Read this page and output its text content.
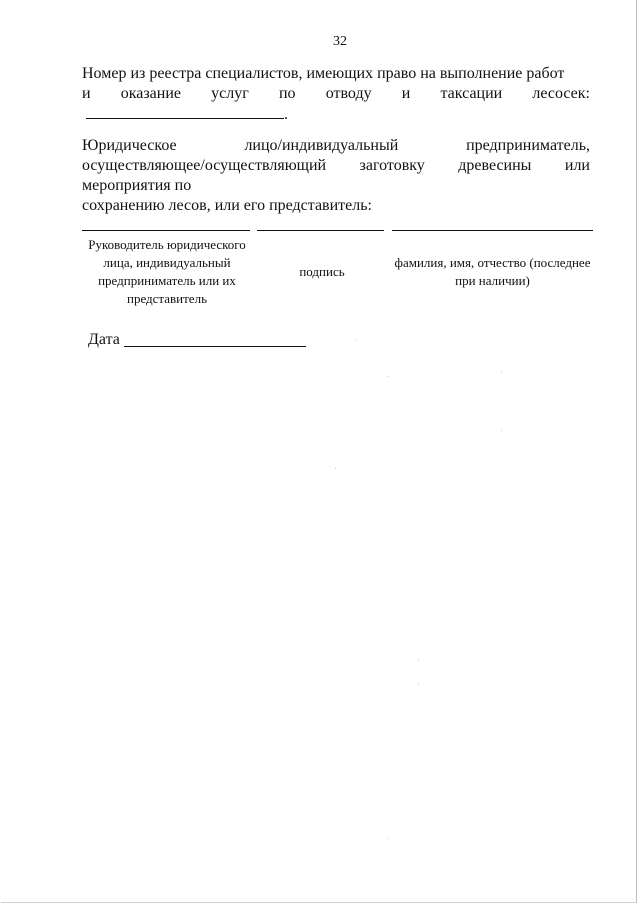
32
Номер из реестра специалистов, имеющих право на выполнение работ
и оказание услуг по отводу и таксации лесосек:.
Юридическое	лицо/индивидуальный	предприниматель,
осуществляющее/осуществляющий заготовку древесины или мероприятия по
сохранению лесов, или его представитель:
Руководитель юридического лица, индивидуальный предприниматель или их представитель
подпись
фамилия, имя, отчество (последнее при наличии)
Дата
